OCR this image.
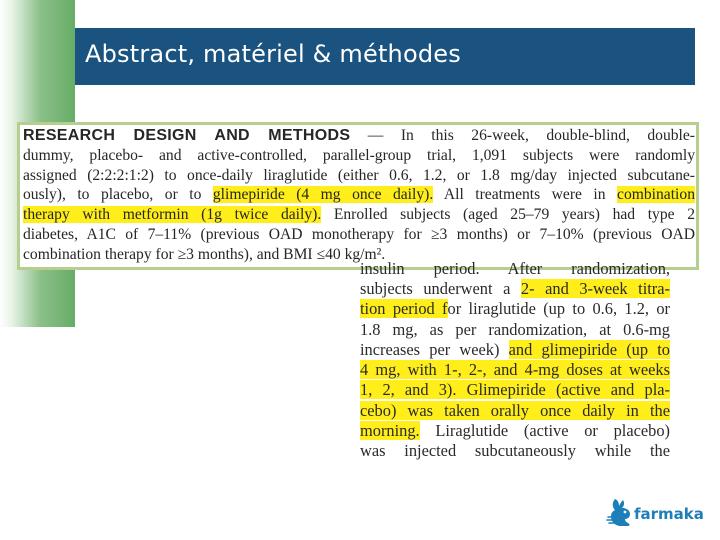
Abstract, matériel & méthodes
RESEARCH DESIGN AND METHODS — In this 26-week, double-blind, double-
dummy, placebo- and active-controlled, parallel-group trial, 1,091 subjects were randomly
assigned (2:2:2:1:2) to once-daily liraglutide (either 0.6, 1.2, or 1.8 mg/day injected subcutane-
ously), to placebo, or to glimepiride (4 mg once daily). All treatments were in combination
therapy with metformin (1g twice daily). Enrolled subjects (aged 25–79 years) had type 2
diabetes, A1C of 7–11% (previous OAD monotherapy for ≥3 months) or 7–10% (previous OAD
combination therapy for ≥3 months), and BMI ≤40 kg/m².
insulin period. After randomization,
subjects underwent a 2- and 3-week titra-
tion period for liraglutide (up to 0.6, 1.2, or
1.8 mg, as per randomization, at 0.6-mg
increases per week) and glimepiride (up to
4 mg, with 1-, 2-, and 4-mg doses at weeks
1, 2, and 3). Glimepiride (active and pla-
cebo) was taken orally once daily in the
morning. Liraglutide (active or placebo)
was injected subcutaneously while the
farmaka
